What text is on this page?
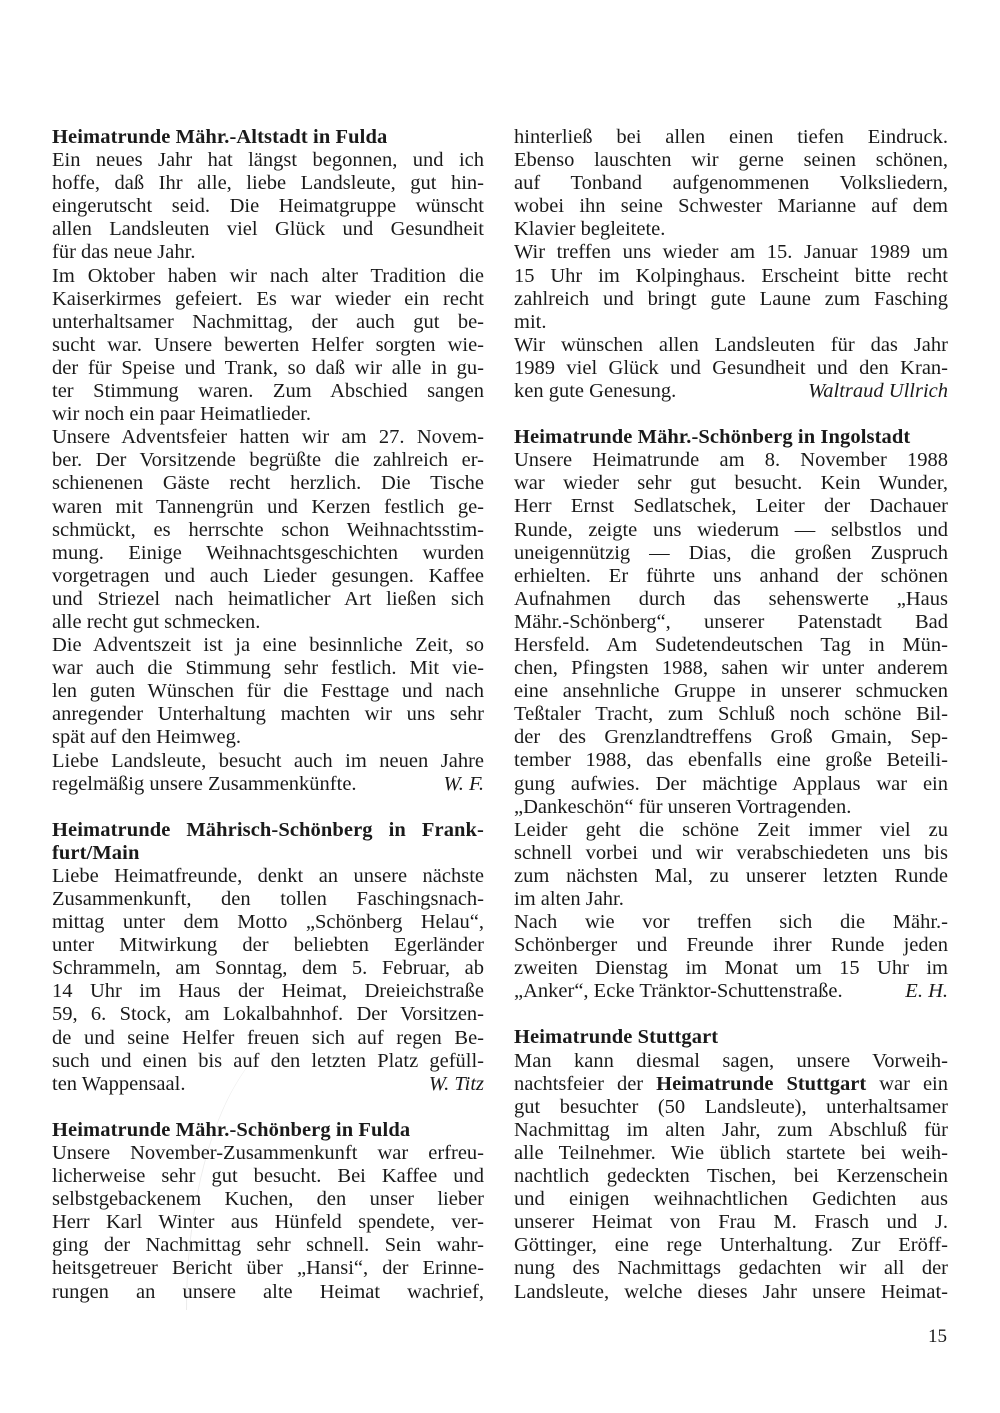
Heimatrunde Mähr.-Altstadt in Fulda
Ein neues Jahr hat längst begonnen, und ich
hoffe, daß Ihr alle, liebe Landsleute, gut hin-
eingerutscht seid. Die Heimatgruppe wünscht
allen Landsleuten viel Glück und Gesundheit
für das neue Jahr.
Im Oktober haben wir nach alter Tradition die
Kaiserkirmes gefeiert. Es war wieder ein recht
unterhaltsamer Nachmittag, der auch gut be-
sucht war. Unsere bewerten Helfer sorgten wie-
der für Speise und Trank, so daß wir alle in gu-
ter Stimmung waren. Zum Abschied sangen
wir noch ein paar Heimatlieder.
Unsere Adventsfeier hatten wir am 27. Novem-
ber. Der Vorsitzende begrüßte die zahlreich er-
schienenen Gäste recht herzlich. Die Tische
waren mit Tannengrün und Kerzen festlich ge-
schmückt, es herrschte schon Weihnachtsstim-
mung. Einige Weihnachtsgeschichten wurden
vorgetragen und auch Lieder gesungen. Kaffee
und Striezel nach heimatlicher Art ließen sich
alle recht gut schmecken.
Die Adventszeit ist ja eine besinnliche Zeit, so
war auch die Stimmung sehr festlich. Mit vie-
len guten Wünschen für die Festtage und nach
anregender Unterhaltung machten wir uns sehr
spät auf den Heimweg.
Liebe Landsleute, besucht auch im neuen Jahre
regelmäßig unsere Zusammenkünfte.	W. F.
Heimatrunde Mährisch-Schönberg in Frank-
furt/Main
Liebe Heimatfreunde, denkt an unsere nächste
Zusammenkunft, den tollen Faschingsnach-
mittag unter dem Motto „Schönberg Helau“,
unter Mitwirkung der beliebten Egerländer
Schrammeln, am Sonntag, dem 5. Februar, ab
14 Uhr im Haus der Heimat, Dreieichstraße
59, 6. Stock, am Lokalbahnhof. Der Vorsitzen-
de und seine Helfer freuen sich auf regen Be-
such und einen bis auf den letzten Platz gefüll-
ten Wappensaal.	W. Titz
Heimatrunde Mähr.-Schönberg in Fulda
Unsere November-Zusammenkunft war erfreu-
licherweise sehr gut besucht. Bei Kaffee und
selbstgebackenem Kuchen, den unser lieber
Herr Karl Winter aus Hünfeld spendete, ver-
ging der Nachmittag sehr schnell. Sein wahr-
heitsgetreuer Bericht über „Hansi“, der Erinne-
rungen an unsere alte Heimat wachrief,
hinterließ bei allen einen tiefen Eindruck.
Ebenso lauschten wir gerne seinen schönen,
auf Tonband aufgenommenen Volksliedern,
wobei ihn seine Schwester Marianne auf dem
Klavier begleitete.
Wir treffen uns wieder am 15. Januar 1989 um
15 Uhr im Kolpinghaus. Erscheint bitte recht
zahlreich und bringt gute Laune zum Fasching
mit.
Wir wünschen allen Landsleuten für das Jahr
1989 viel Glück und Gesundheit und den Kran-
ken gute Genesung.	Waltraud Ullrich
Heimatrunde Mähr.-Schönberg in Ingolstadt
Unsere Heimatrunde am 8. November 1988
war wieder sehr gut besucht. Kein Wunder,
Herr Ernst Sedlatschek, Leiter der Dachauer
Runde, zeigte uns wiederum — selbstlos und
uneigennützig — Dias, die großen Zuspruch
erhielten. Er führte uns anhand der schönen
Aufnahmen durch das sehenswerte „Haus
Mähr.-Schönberg“, unserer Patenstadt Bad
Hersfeld. Am Sudetendeutschen Tag in Mün-
chen, Pfingsten 1988, sahen wir unter anderem
eine ansehnliche Gruppe in unserer schmucken
Teßtaler Tracht, zum Schluß noch schöne Bil-
der des Grenzlandtreffens Groß Gmain, Sep-
tember 1988, das ebenfalls eine große Beteili-
gung aufwies. Der mächtige Applaus war ein
„Dankeschön“ für unseren Vortragenden.
Leider geht die schöne Zeit immer viel zu
schnell vorbei und wir verabschiedeten uns bis
zum nächsten Mal, zu unserer letzten Runde
im alten Jahr.
Nach wie vor treffen sich die Mähr.-
Schönberger und Freunde ihrer Runde jeden
zweiten Dienstag im Monat um 15 Uhr im
„Anker“, Ecke Tränktor-Schuttenstraße.	E. H.
Heimatrunde Stuttgart
Man kann diesmal sagen, unsere Vorweih-
nachtsfeier der Heimatrunde Stuttgart war ein
gut besuchter (50 Landsleute), unterhaltsamer
Nachmittag im alten Jahr, zum Abschluß für
alle Teilnehmer. Wie üblich startete bei weih-
nachtlich gedeckten Tischen, bei Kerzenschein
und einigen weihnachtlichen Gedichten aus
unserer Heimat von Frau M. Frasch und J.
Göttinger, eine rege Unterhaltung. Zur Eröff-
nung des Nachmittags gedachten wir all der
Landsleute, welche dieses Jahr unsere Heimat-
15
